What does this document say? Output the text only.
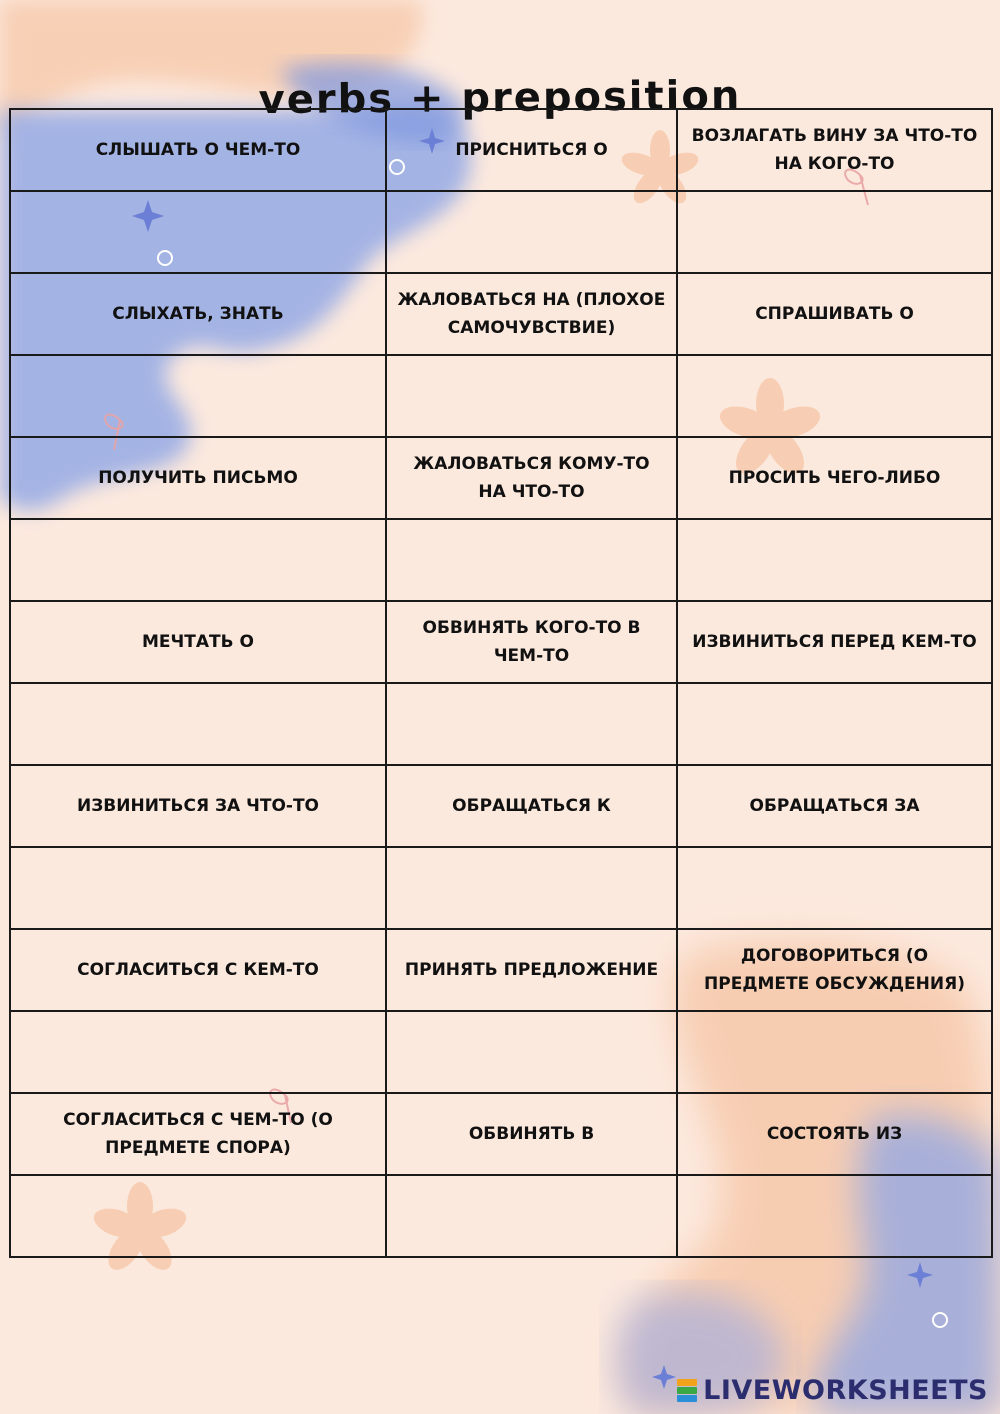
verbs + preposition
СЛЫШАТЬ О ЧЕМ-ТО	ПРИСНИТЬСЯ О	ВОЗЛАГАТЬ ВИНУ ЗА ЧТО-ТО НА КОГО-ТО

СЛЫХАТЬ, ЗНАТЬ	ЖАЛОВАТЬСЯ НА (ПЛОХОЕ САМОЧУВСТВИЕ)	СПРАШИВАТЬ О

ПОЛУЧИТЬ ПИСЬМО	ЖАЛОВАТЬСЯ КОМУ-ТО НА ЧТО-ТО	ПРОСИТЬ ЧЕГО-ЛИБО

МЕЧТАТЬ О	ОБВИНЯТЬ КОГО-ТО В ЧЕМ-ТО	ИЗВИНИТЬСЯ ПЕРЕД КЕМ-ТО

ИЗВИНИТЬСЯ ЗА ЧТО-ТО	ОБРАЩАТЬСЯ К	ОБРАЩАТЬСЯ ЗА

СОГЛАСИТЬСЯ С КЕМ-ТО	ПРИНЯТЬ ПРЕДЛОЖЕНИЕ	ДОГОВОРИТЬСЯ (О ПРЕДМЕТЕ ОБСУЖДЕНИЯ)

СОГЛАСИТЬСЯ С ЧЕМ-ТО (О ПРЕДМЕТЕ СПОРА)	ОБВИНЯТЬ В	СОСТОЯТЬ ИЗ

LIVEWORKSHEETS
